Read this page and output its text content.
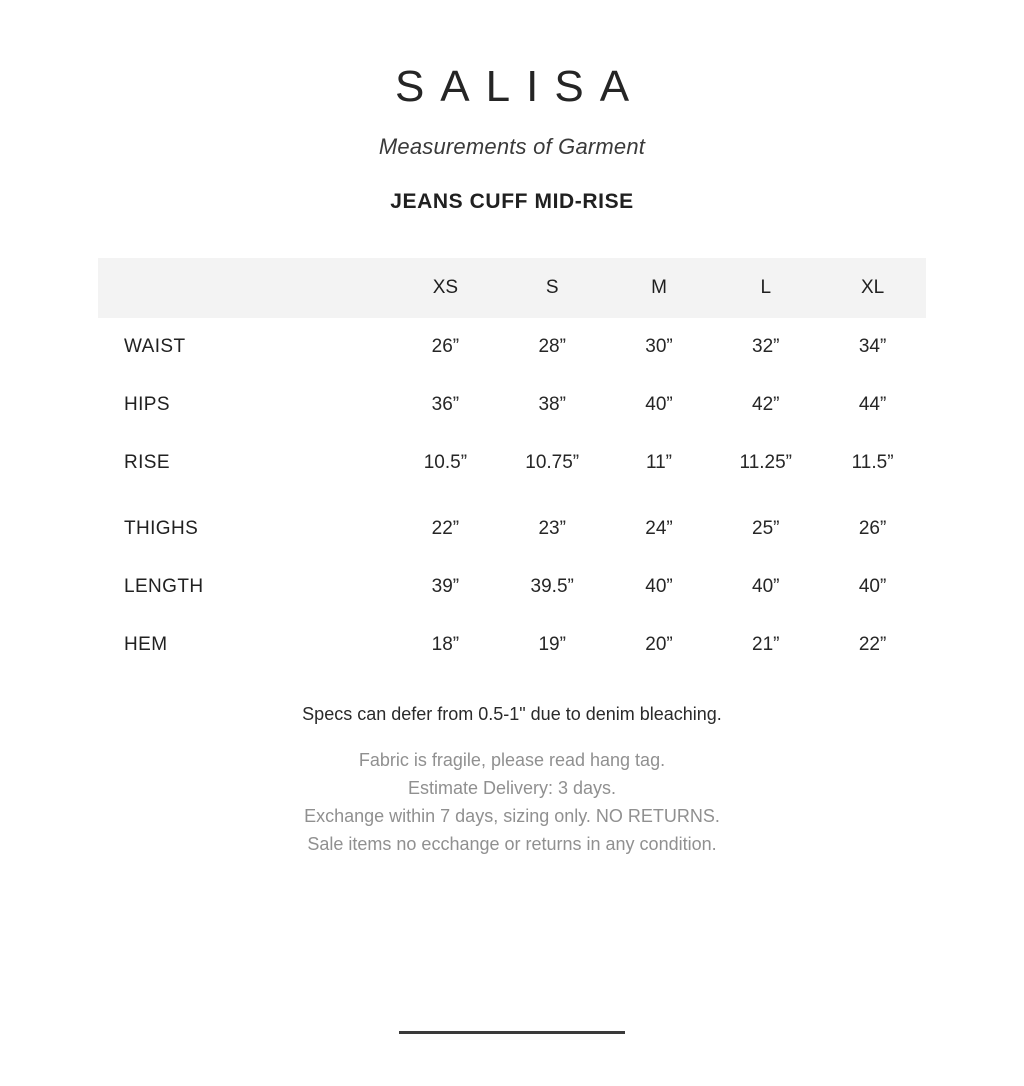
SALISA
Measurements of Garment
JEANS CUFF MID-RISE
	XS	S	M	L	XL
WAIST	26”	28”	30”	32”	34”
HIPS	36”	38”	40”	42”	44”
RISE	10.5”	10.75”	11”	11.25”	11.5”
THIGHS	22”	23”	24”	25”	26”
LENGTH	39”	39.5”	40”	40”	40”
HEM	18”	19”	20”	21”	22”
Specs can defer from 0.5-1" due to denim bleaching.
Fabric is fragile, please read hang tag.
Estimate Delivery: 3 days.
Exchange within 7 days, sizing only. NO RETURNS.
Sale items no ecchange or returns in any condition.
